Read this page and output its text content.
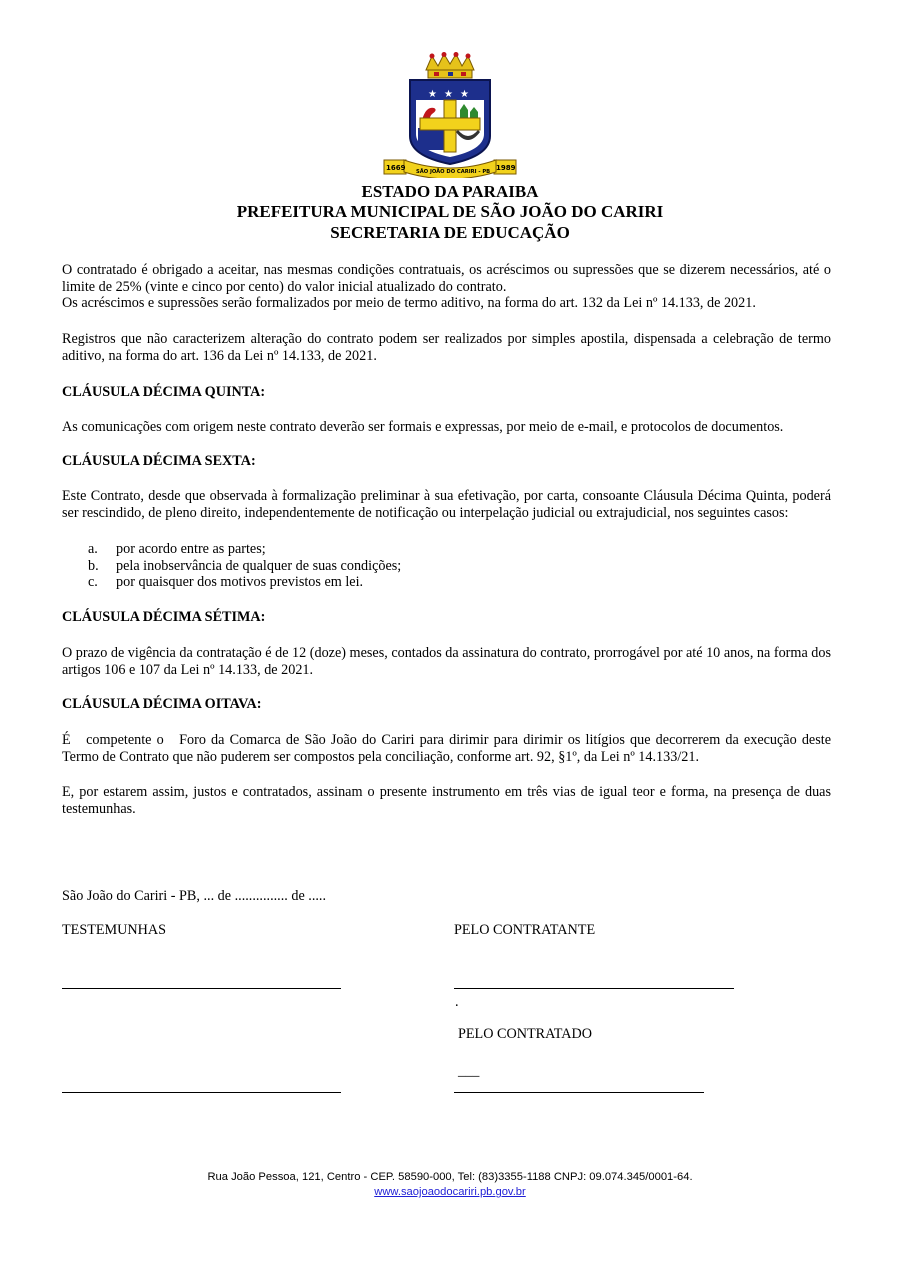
★ ★ ★
1669	1989
SÃO JOÃO DO CARIRI - PB
ESTADO DA PARAIBA
PREFEITURA MUNICIPAL DE SÃO JOÃO DO CARIRI
SECRETARIA DE EDUCAÇÃO

O contratado é obrigado a aceitar, nas mesmas condições contratuais, os acréscimos ou supressões que se dizerem necessários, até o limite de 25% (vinte e cinco por cento) do valor inicial atualizado do contrato.

Os acréscimos e supressões serão formalizados por meio de termo aditivo, na forma do art. 132 da Lei nº 14.133, de 2021.

Registros que não caracterizem alteração do contrato podem ser realizados por simples apostila, dispensada a celebração de termo aditivo, na forma do art. 136 da Lei nº 14.133, de 2021.
CLÁUSULA DÉCIMA QUINTA:
As comunicações com origem neste contrato deverão ser formais e expressas, por meio de e-mail, e protocolos de documentos.
CLÁUSULA DÉCIMA SEXTA:
Este Contrato, desde que observada à formalização preliminar à sua efetivação, por carta, consoante Cláusula Décima Quinta, poderá ser rescindido, de pleno direito, independentemente de notificação ou interpelação judicial ou extrajudicial, nos seguintes casos:
a. por acordo entre as partes;
b. pela inobservância de qualquer de suas condições;
c. por quaisquer dos motivos previstos em lei.
CLÁUSULA DÉCIMA SÉTIMA:
O prazo de vigência da contratação é de 12 (doze) meses, contados da assinatura do contrato, prorrogável por até 10 anos, na forma dos artigos 106 e 107 da Lei nº 14.133, de 2021.
CLÁUSULA DÉCIMA OITAVA:
É   competente o   Foro da Comarca de São João do Cariri para dirimir para dirimir os litígios que decorrerem da execução deste Termo de Contrato que não puderem ser compostos pela conciliação, conforme art. 92, §1º, da Lei nº 14.133/21.
E, por estarem assim, justos e contratados, assinam o presente instrumento em três vias de igual teor e forma, na presença de duas testemunhas.
São João do Cariri - PB, ... de ............... de .....
TESTEMUNHAS	PELO CONTRATANTE
.
PELO CONTRATADO
___
Rua João Pessoa, 121, Centro - CEP. 58590-000, Tel: (83)3355-1188 CNPJ: 09.074.345/0001-64.
www.saojoaodocariri.pb.gov.br
